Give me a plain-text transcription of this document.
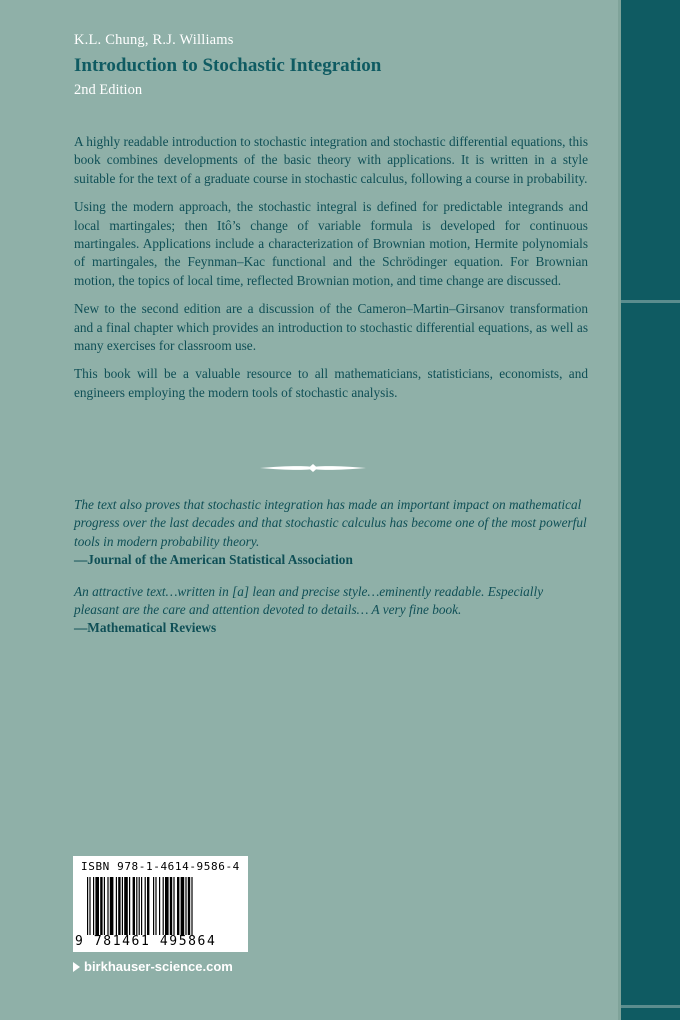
K.L. Chung, R.J. Williams
Introduction to Stochastic Integration
2nd Edition

A highly readable introduction to stochastic integration and stochastic differential equations, this book combines developments of the basic theory with applications. It is written in a style suitable for the text of a graduate course in stochastic calculus, following a course in probability.

Using the modern approach, the stochastic integral is defined for predictable integrands and local martingales; then Itô’s change of variable formula is developed for continuous martingales. Applications include a characterization of Brownian motion, Hermite polynomials of martingales, the Feynman–Kac functional and the Schrödinger equation. For Brownian motion, the topics of local time, reflected Brownian motion, and time change are discussed.

New to the second edition are a discussion of the Cameron–Martin–Girsanov transformation and a final chapter which provides an introduction to stochastic differential equations, as well as many exercises for classroom use.

This book will be a valuable resource to all mathematicians, statisticians, economists, and engineers employing the modern tools of stochastic analysis.

The text also proves that stochastic integration has made an important impact on mathematical progress over the last decades and that stochastic calculus has become one of the most powerful tools in modern probability theory.
—Journal of the American Statistical Association
An attractive text…written in [a] lean and precise style…eminently readable. Especially pleasant are the care and attention devoted to details… A very fine book.
—Mathematical Reviews
ISBN 978-1-4614-9586-4
9 781461 495864
birkhauser-science.com
